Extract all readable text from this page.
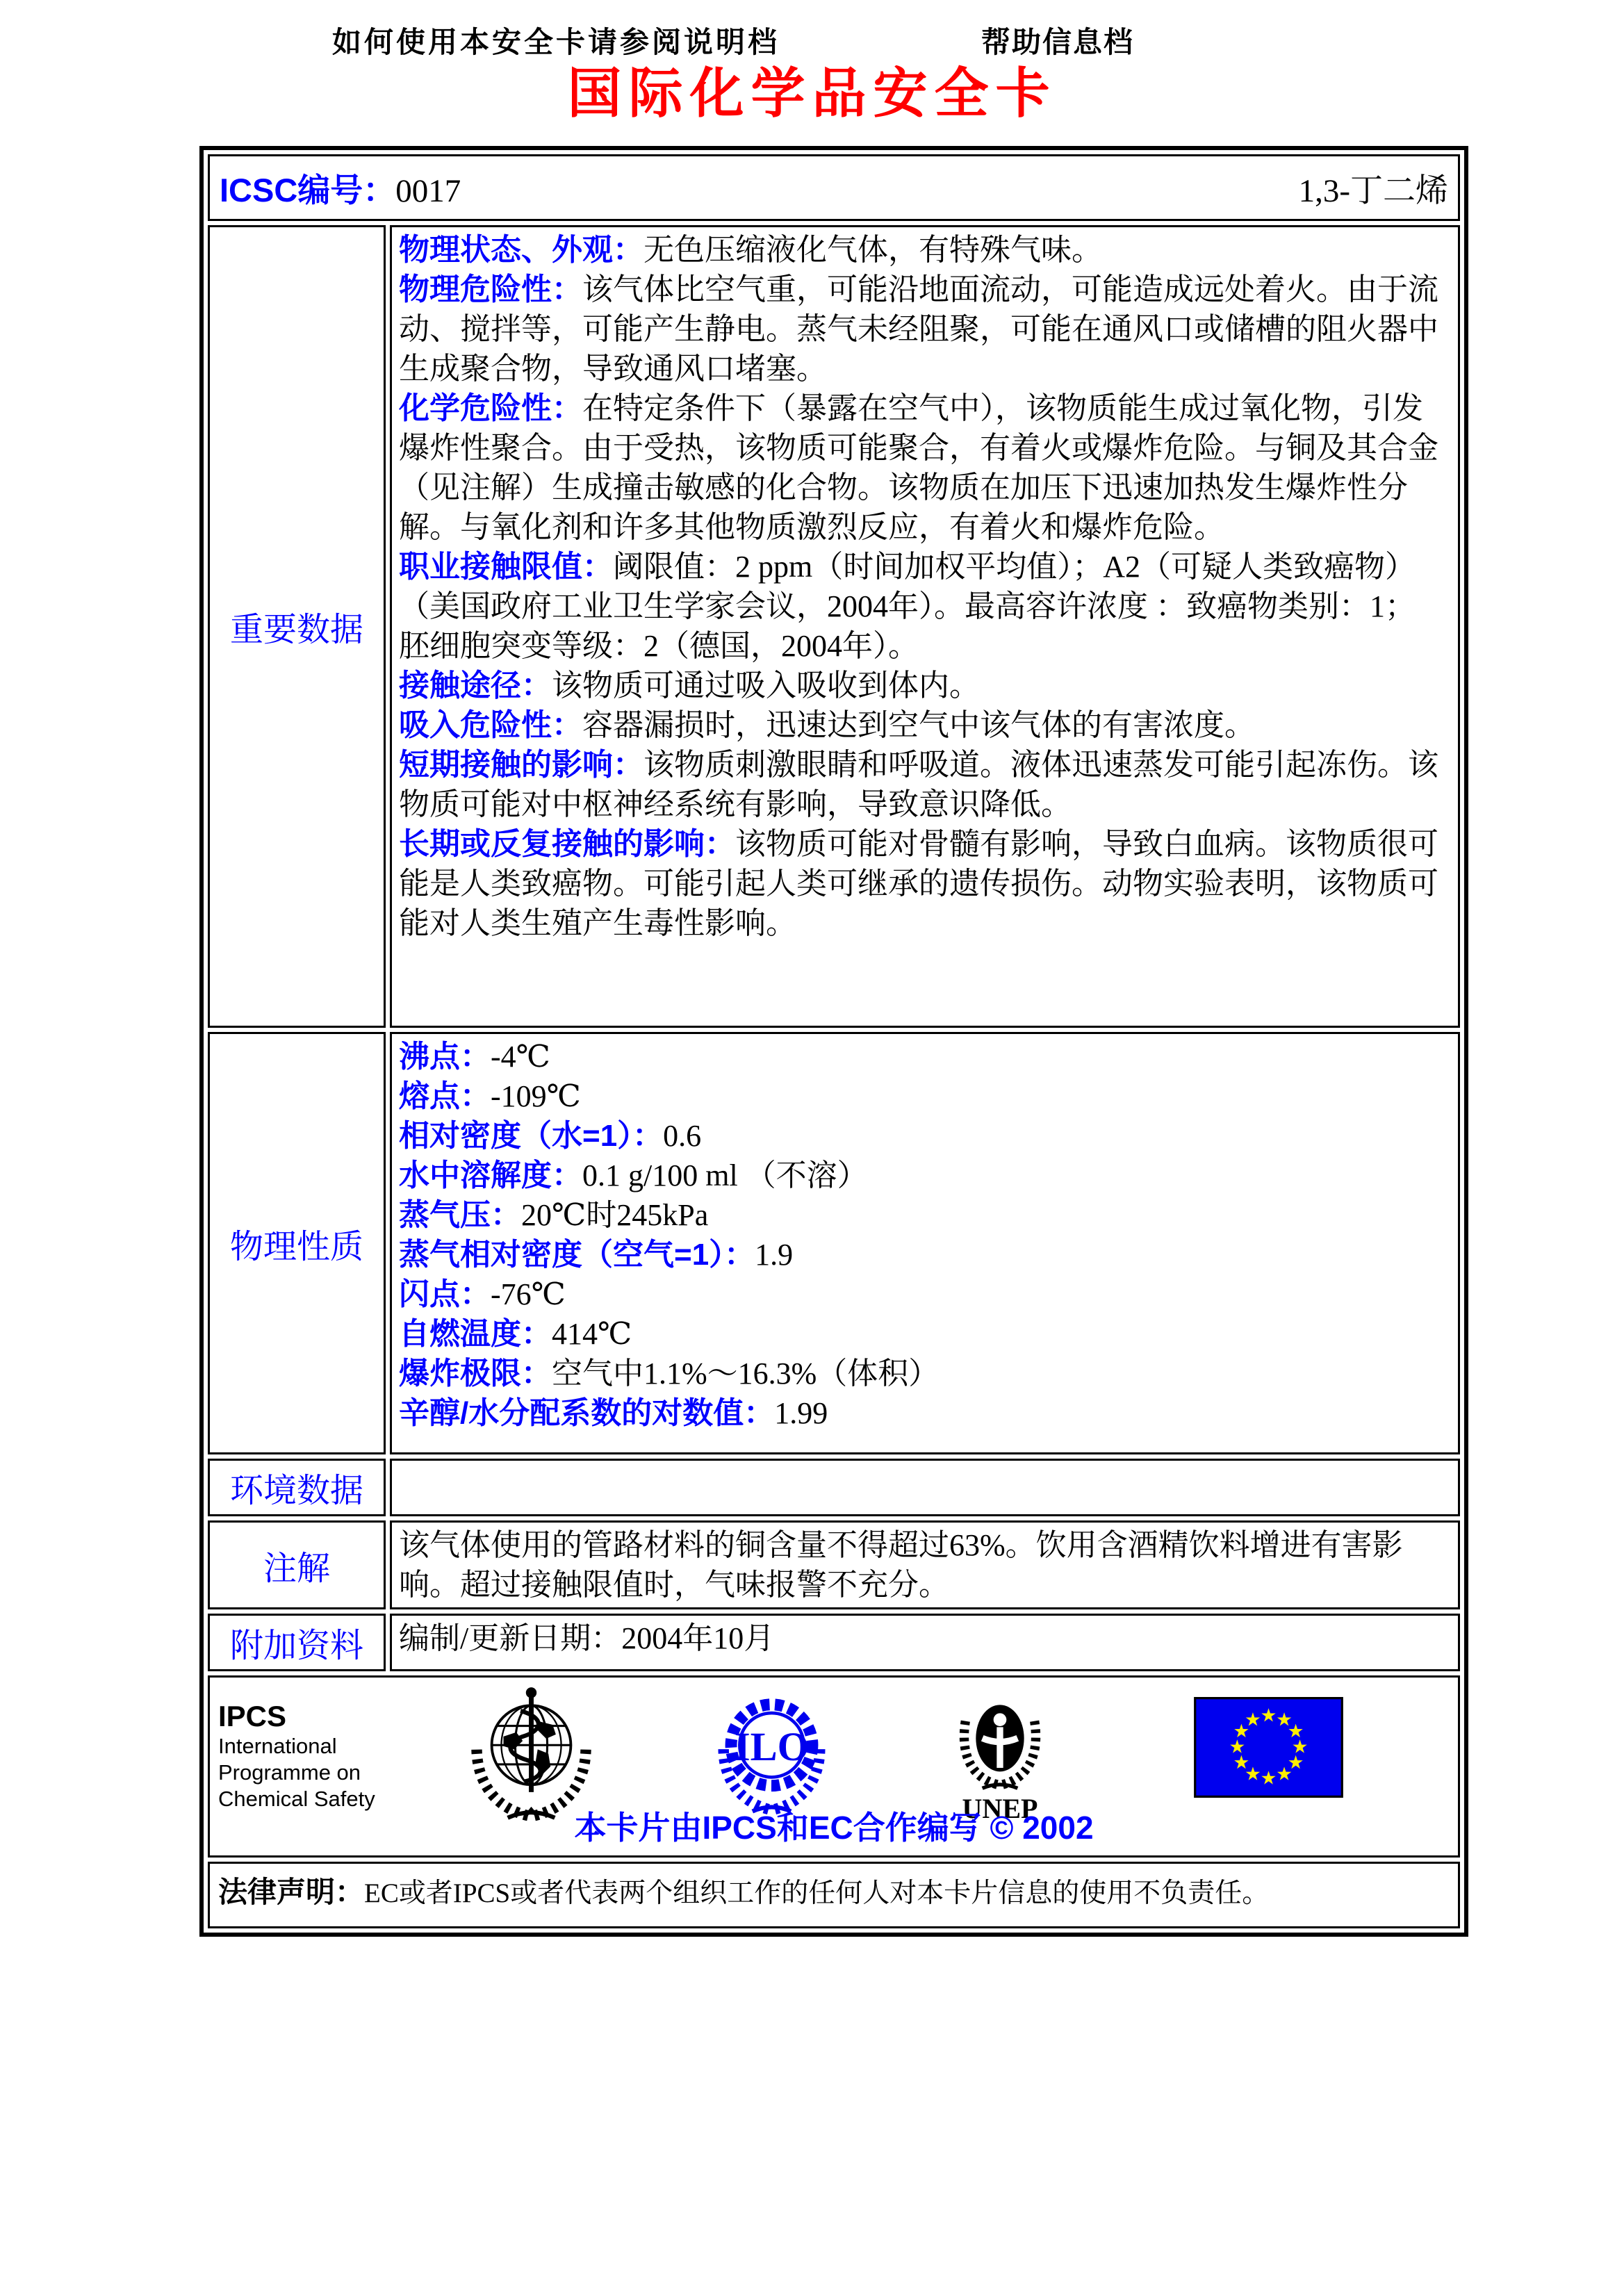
如何使用本安全卡请参阅说明档	帮助信息档
国际化学品安全卡
ICSC编号：0017 1,3-丁二烯	

重要数据	
物理状态、外观：无色压缩液化气体，有特殊气味。
物理危险性：该气体比空气重，可能沿地面流动，可能造成远处着火。由于流动、搅拌等，可能产生静电。蒸气未经阻聚，可能在通风口或储槽的阻火器中生成聚合物，导致通风口堵塞。
化学危险性：在特定条件下（暴露在空气中），该物质能生成过氧化物，引发爆炸性聚合。由于受热，该物质可能聚合，有着火或爆炸危险。与铜及其合金（见注解）生成撞击敏感的化合物。该物质在加压下迅速加热发生爆炸性分解。与氧化剂和许多其他物质激烈反应，有着火和爆炸危险。
职业接触限值：阈限值：2 ppm（时间加权平均值）；A2（可疑人类致癌物）（美国政府工业卫生学家会议，2004年）。最高容许浓度 ：致癌物类别：1；胚细胞突变等级：2（德国，2004年）。
接触途径：该物质可通过吸入吸收到体内。
吸入危险性：容器漏损时，迅速达到空气中该气体的有害浓度。
短期接触的影响：该物质刺激眼睛和呼吸道。液体迅速蒸发可能引起冻伤。该物质可能对中枢神经系统有影响，导致意识降低。
长期或反复接触的影响：该物质可能对骨髓有影响，导致白血病。该物质很可能是人类致癌物。可能引起人类可继承的遗传损伤。动物实验表明，该物质可能对人类生殖产生毒性影响。

物理性质	
沸点：-4℃
熔点：-109℃
相对密度（水=1）：0.6
水中溶解度：0.1 g/100 ml （不溶）
蒸气压：20℃时245kPa
蒸气相对密度（空气=1）：1.9
闪点：-76℃
自燃温度：414℃
爆炸极限：空气中1.1%～16.3%（体积）
辛醇/水分配系数的对数值：1.99

环境数据	
注解	该气体使用的管路材料的铜含量不得超过63%。饮用含酒精饮料增进有害影响。超过接触限值时，气味报警不充分。
附加资料	编制/更新日期：2004年10月

IPCS
International
Programme on
Chemical Safety
ILO
UNEP
本卡片由IPCS和EC合作编写 © 2002

法律声明：EC或者IPCS或者代表两个组织工作的任何人对本卡片信息的使用不负责任。	
